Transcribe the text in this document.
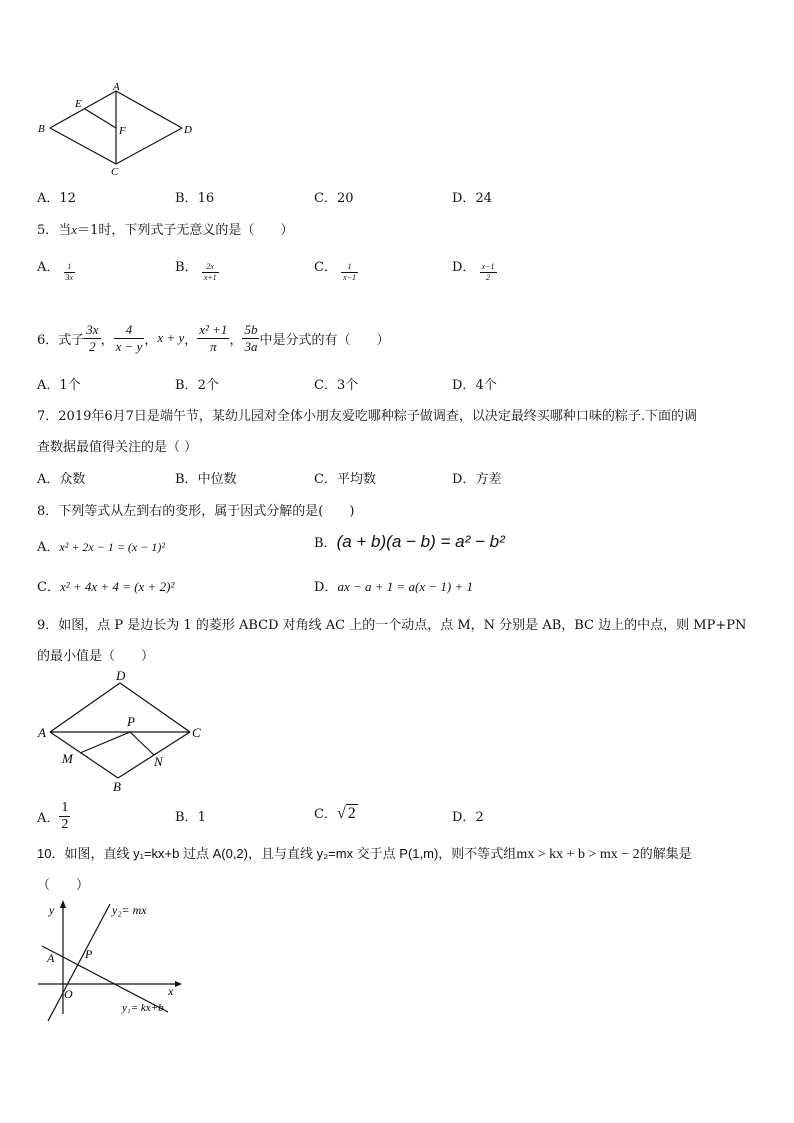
A
B
C
D
E
F
A．12	B．16	C．20	D．24
5．当x＝1时，下列式子无意义的是（　　）
A． $\frac{1}{3x}$	B． $\frac{2x}{x+1}$	C． $\frac{1}{x-1}$	D． $\frac{x-1}{2}$
6．式子 $\frac{3x}{2}$ ， $\frac{4}{x - y}$ ， x + y ， $\frac{\text{x² +1}}{\pi}$ ， $\frac{5b}{3a}$ 中是分式的有（　　）
A．1个	B．2个	C．3个	D．4个
7．2019年6月7日是端午节，某幼儿园对全体小朋友爱吃哪种粽子做调查，以决定最终买哪种口味的粽子.下面的调
查数据最值得关注的是（ ）
A．众数	B．中位数	C．平均数	D．方差
8．下列等式从左到右的变形，属于因式分解的是(　　)
A．x² + 2x − 1 = (x − 1)²	B．(a + b)(a − b) = a² − b²
C．x² + 4x + 4 = (x + 2)²	D．ax − a + 1 = a(x − 1) + 1
9．如图，点 P 是边长为 1 的菱形 ABCD 对角线 AC 上的一个动点，点 M，N 分别是 AB，BC 边上的中点，则 MP+PN
的最小值是（　　）
D
A
P
C
M	N
B
A． $\frac{1}{2}$	B．1	C．√ 2	D．2
10．如图，直线 y₁=kx+b 过点 A(0,2)，且与直线 y₂=mx 交于点 P(1,m)，则不等式组mx > kx + b > mx − 2的解集是
（　　）
y	y₂= mx
A	P
O	x
y₁= kx+b
